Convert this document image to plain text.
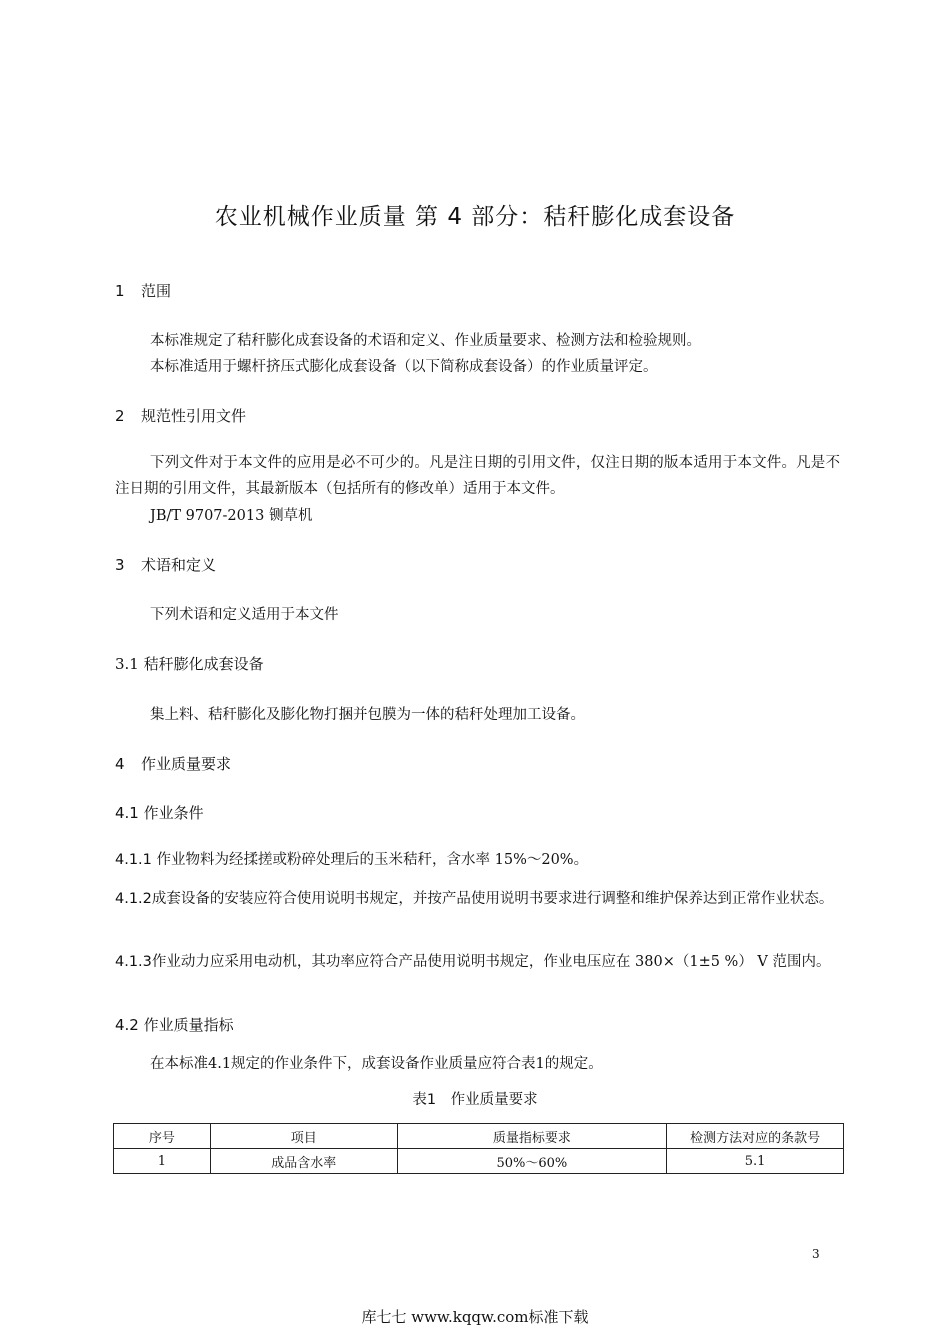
农业机械作业质量 第 4 部分：秸秆膨化成套设备
1 范围
本标准规定了秸秆膨化成套设备的术语和定义、作业质量要求、检测方法和检验规则。
本标准适用于螺杆挤压式膨化成套设备（以下简称成套设备）的作业质量评定。
2 规范性引用文件
下列文件对于本文件的应用是必不可少的。凡是注日期的引用文件，仅注日期的版本适用于本文件。凡是不注日期的引用文件，其最新版本（包括所有的修改单）适用于本文件。
JB/T 9707-2013 铡草机
3 术语和定义
下列术语和定义适用于本文件
3.1 秸秆膨化成套设备
集上料、秸秆膨化及膨化物打捆并包膜为一体的秸秆处理加工设备。
4 作业质量要求
4.1 作业条件
4.1.1 作业物料为经揉搓或粉碎处理后的玉米秸秆，含水率 15%～20%。
4.1.2成套设备的安装应符合使用说明书规定，并按产品使用说明书要求进行调整和维护保养达到正常作业状态。
4.1.3作业动力应采用电动机，其功率应符合产品使用说明书规定，作业电压应在 380×（1±5 %） V 范围内。
4.2 作业质量指标
在本标准4.1规定的作业条件下，成套设备作业质量应符合表1的规定。
表1　作业质量要求
序号	项目	质量指标要求	检测方法对应的条款号
1	成品含水率	50%～60%	5.1
3
库七七 www.kqqw.com标准下载
